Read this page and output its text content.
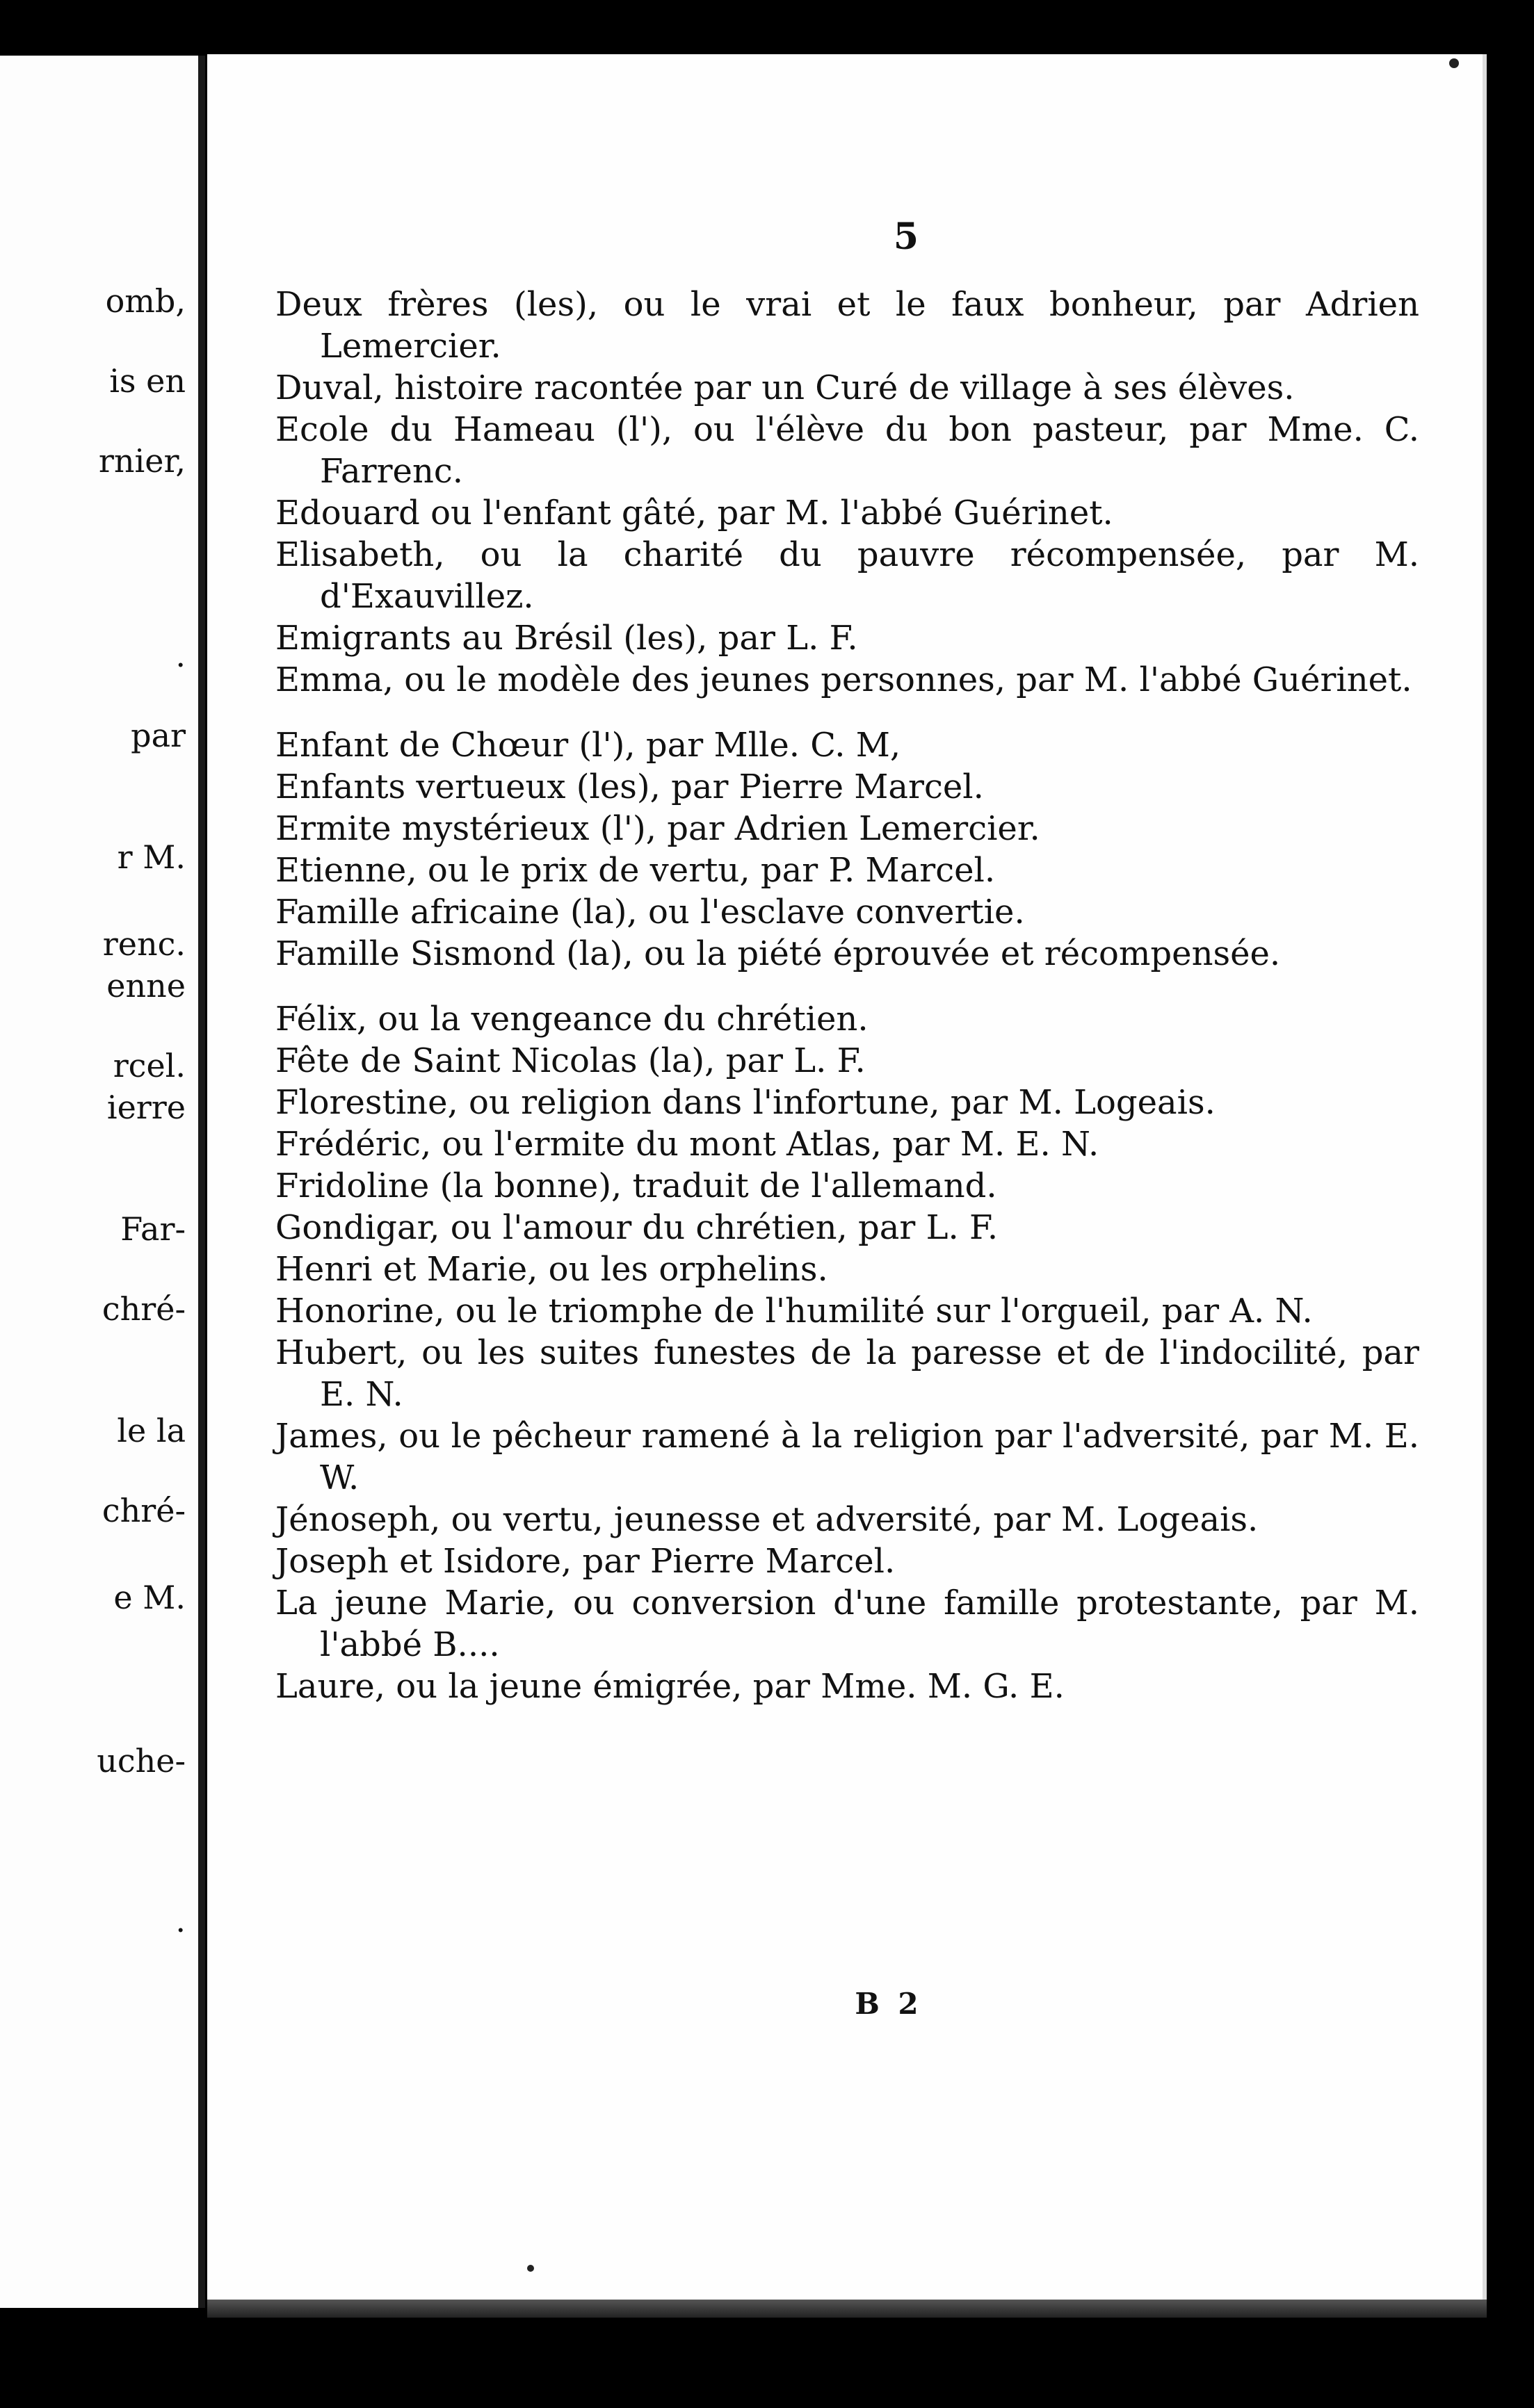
omb,
is en
rnier,
.
par
r M.
renc.
enne
rcel.
ierre
Far-
chré-
le la
chré-
e M.
uche-
.
5

Deux frères (les), ou le vrai et le faux bonheur, par Adrien Lemercier.

Duval, histoire racontée par un Curé de village à ses élèves.

Ecole du Hameau (l'), ou l'élève du bon pasteur, par Mme. C. Farrenc.

Edouard ou l'enfant gâté, par M. l'abbé Guérinet.

Elisabeth, ou la charité du pauvre récompensée, par M. d'Exauvillez.

Emigrants au Brésil (les), par L. F.

Emma, ou le modèle des jeunes personnes, par M. l'abbé Guérinet.

Enfant de Chœur (l'), par Mlle. C. M,

Enfants vertueux (les), par Pierre Marcel.

Ermite mystérieux (l'), par Adrien Lemercier.

Etienne, ou le prix de vertu, par P. Marcel.

Famille africaine (la), ou l'esclave convertie.

Famille Sismond (la), ou la piété éprouvée et récompensée.

Félix, ou la vengeance du chrétien.

Fête de Saint Nicolas (la), par L. F.

Florestine, ou religion dans l'infortune, par M. Logeais.

Frédéric, ou l'ermite du mont Atlas, par M. E. N.

Fridoline (la bonne), traduit de l'allemand.

Gondigar, ou l'amour du chrétien, par L. F.

Henri et Marie, ou les orphelins.

Honorine, ou le triomphe de l'humilité sur l'orgueil, par A. N.

Hubert, ou les suites funestes de la paresse et de l'indocilité, par E. N.

James, ou le pêcheur ramené à la religion par l'adversité, par M. E. W.

Jénoseph, ou vertu, jeunesse et adversité, par M. Logeais.

Joseph et Isidore, par Pierre Marcel.

La jeune Marie, ou conversion d'une famille protestante, par M. l'abbé B....

Laure, ou la jeune émigrée, par Mme. M. G. E.

B 2
